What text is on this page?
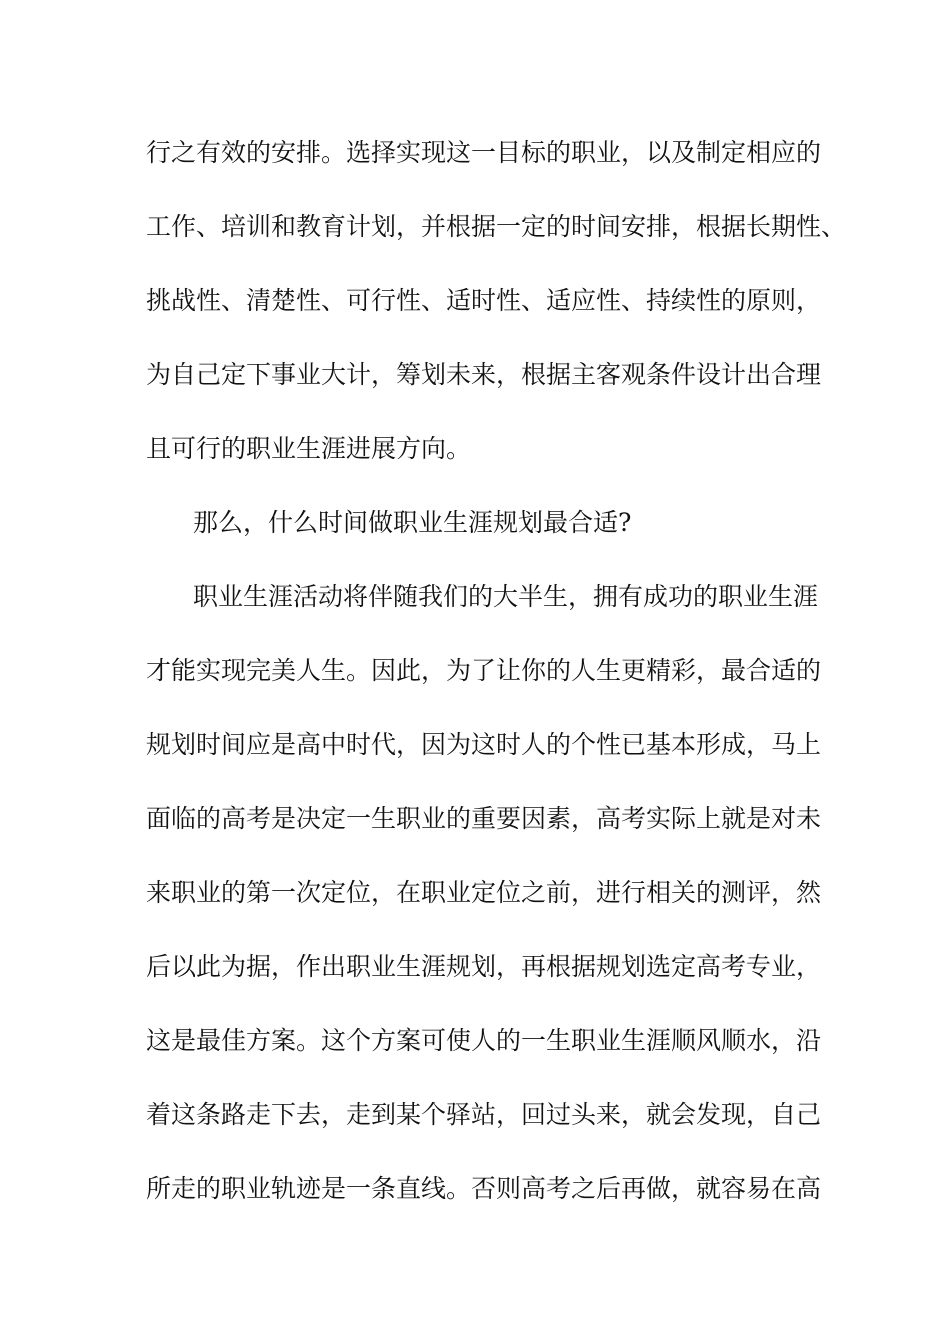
行之有效的安排。选择实现这一目标的职业，以及制定相应的
工作、培训和教育计划，并根据一定的时间安排，根据长期性、
挑战性、清楚性、可行性、适时性、适应性、持续性的原则，
为自己定下事业大计，筹划未来，根据主客观条件设计出合理
且可行的职业生涯进展方向。
那么，什么时间做职业生涯规划最合适?
职业生涯活动将伴随我们的大半生，拥有成功的职业生涯
才能实现完美人生。因此，为了让你的人生更精彩，最合适的
规划时间应是高中时代，因为这时人的个性已基本形成，马上
面临的高考是决定一生职业的重要因素，高考实际上就是对未
来职业的第一次定位，在职业定位之前，进行相关的测评，然
后以此为据，作出职业生涯规划，再根据规划选定高考专业，
这是最佳方案。这个方案可使人的一生职业生涯顺风顺水，沿
着这条路走下去，走到某个驿站，回过头来，就会发现，自己
所走的职业轨迹是一条直线。否则高考之后再做，就容易在高
